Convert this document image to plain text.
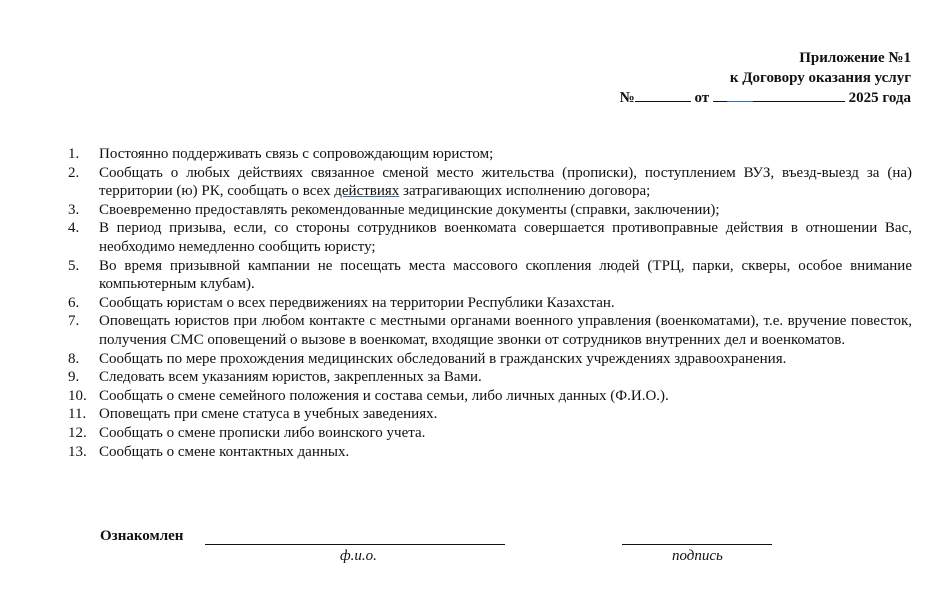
Приложение №1
к Договору оказания услуг
№	от	2025 года
1.	Постоянно поддерживать связь с сопровождающим юристом;
2.	Сообщать о любых действиях связанное сменой место жительства (прописки), поступлением ВУЗ, въезд-выезд за (на) территории (ю) РК, сообщать о всех действиях затрагивающих исполнению договора;
3.	Своевременно предоставлять рекомендованные медицинские документы (справки, заключении);
4.	В период призыва, если, со стороны сотрудников военкомата совершается противоправные действия в отношении Вас, необходимо немедленно сообщить юристу;
5.	Во время призывной кампании не посещать места массового скопления людей (ТРЦ, парки, скверы, особое внимание компьютерным клубам).
6.	Сообщать юристам о всех передвижениях на территории Республики Казахстан.
7.	Оповещать юристов при любом контакте с местными органами военного управления (военкоматами), т.е. вручение повесток, получения СМС оповещений о вызове в военкомат, входящие звонки от сотрудников внутренних дел и военкоматов.
8.	Сообщать по мере прохождения медицинских обследований в гражданских учреждениях здравоохранения.
9.	Следовать всем указаниям юристов, закрепленных за Вами.
10. Сообщать о смене семейного положения и состава семьи, либо личных данных (Ф.И.О.).
11. Оповещать при смене статуса в учебных заведениях.
12. Сообщать о смене прописки либо воинского учета.
13. Сообщать о смене контактных данных.
Ознакомлен
ф.и.о.	подпись
